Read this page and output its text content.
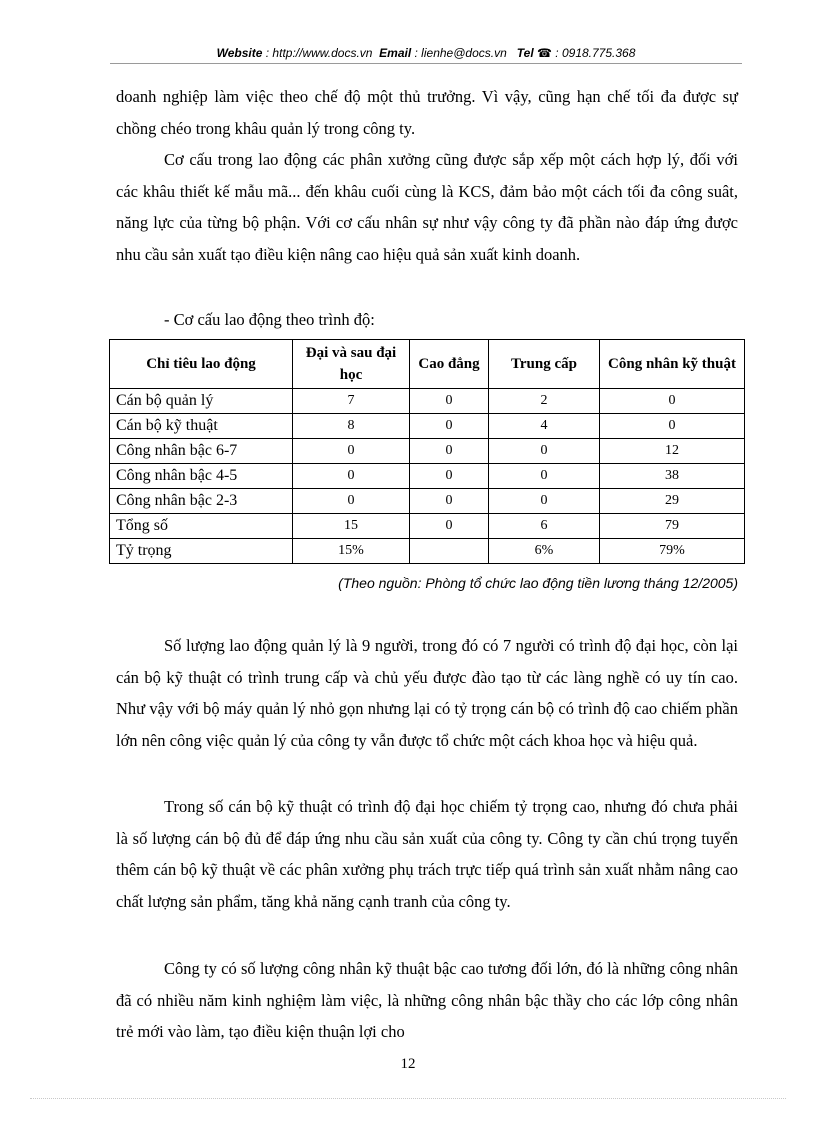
Website : http://www.docs.vn Email : lienhe@docs.vn Tel ☎ : 0918.775.368

doanh nghiệp làm việc theo chế độ một thủ trưởng. Vì vậy, cũng hạn chế tối đa được sự chồng chéo trong khâu quản lý trong công ty.

Cơ cấu trong lao động các phân xưởng cũng được sắp xếp một cách hợp lý, đối với các khâu thiết kế mẫu mã... đến khâu cuối cùng là KCS, đảm bảo một cách tối đa công suât, năng lực của từng bộ phận. Với cơ cấu nhân sự như vậy công ty đã phần nào đáp ứng được nhu cầu sản xuất tạo điều kiện nâng cao hiệu quả sản xuất kinh doanh.

- Cơ cấu lao động theo trình độ:
Chỉ tiêu lao động	Đại và sau đại học	Cao đẳng	Trung cấp	Công nhân kỹ thuật
Cán bộ quản lý	7	0	2	0
Cán bộ kỹ thuật	8	0	4	0
Công nhân bậc 6-7	0	0	0	12
Công nhân bậc 4-5	0	0	0	38
Công nhân bậc 2-3	0	0	0	29
Tổng số	15	0	6	79
Tỷ trọng	15%		6%	79%
(Theo nguồn: Phòng tổ chức lao động tiền lương tháng 12/2005)

Số lượng lao động quản lý là 9 người, trong đó có 7 người có trình độ đại học, còn lại cán bộ kỹ thuật có trình trung cấp và chủ yếu được đào tạo từ các làng nghề có uy tín cao. Như vậy với bộ máy quản lý nhỏ gọn nhưng lại có tỷ trọng cán bộ có trình độ cao chiếm phần lớn nên công việc quản lý của công ty vẫn được tổ chức một cách khoa học và hiệu quả.

Trong số cán bộ kỹ thuật có trình độ đại học chiếm tỷ trọng cao, nhưng đó chưa phải là số lượng cán bộ đủ để đáp ứng nhu cầu sản xuất của công ty. Công ty cần chú trọng tuyển thêm cán bộ kỹ thuật về các phân xưởng phụ trách trực tiếp quá trình sản xuất nhằm nâng cao chất lượng sản phẩm, tăng khả năng cạnh tranh của công ty.

Công ty có số lượng công nhân kỹ thuật bậc cao tương đối lớn, đó là những công nhân đã có nhiều năm kinh nghiệm làm việc, là những công nhân bậc thầy cho các lớp công nhân trẻ mới vào làm, tạo điều kiện thuận lợi cho

12
